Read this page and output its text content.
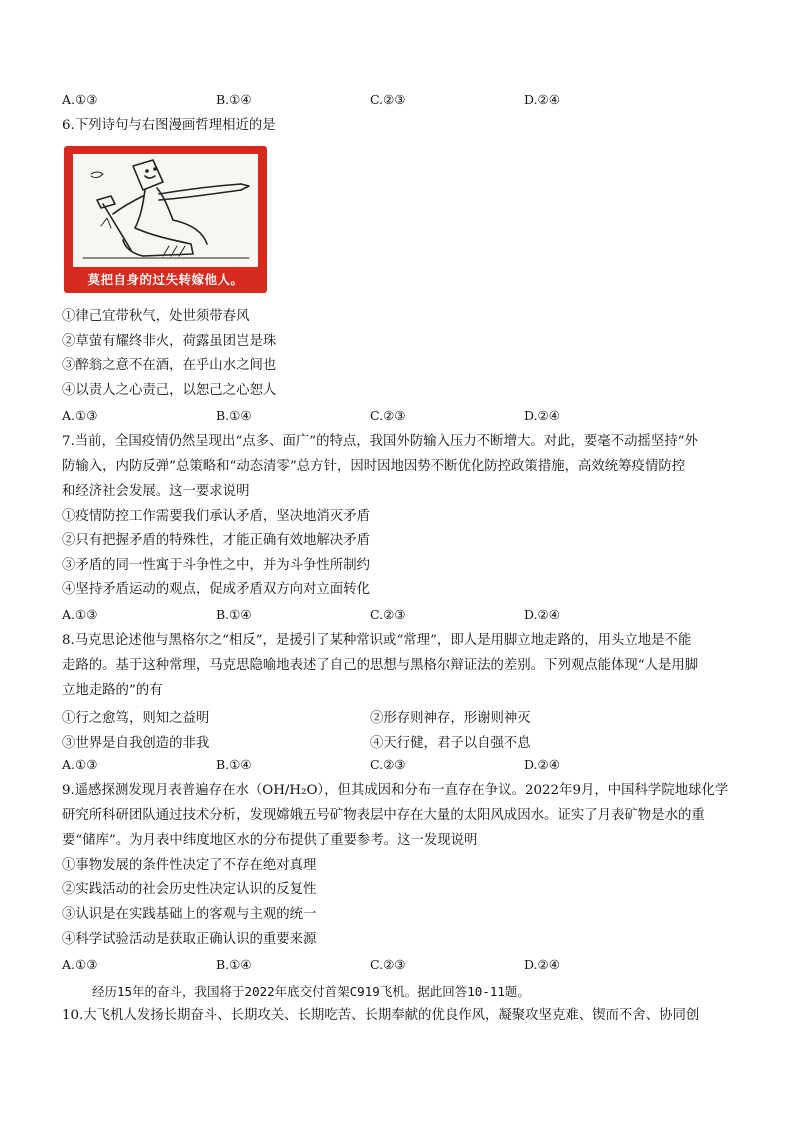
A.①③	B.①④	C.②③	D.②④
6.下列诗句与右图漫画哲理相近的是
莫把自身的过失转嫁他人。
①律己宜带秋气，处世须带春风
②草萤有耀终非火，荷露虽团岂是珠
③醉翁之意不在酒，在乎山水之间也
④以责人之心责己，以恕己之心恕人
A.①③	B.①④	C.②③	D.②④
7.当前，全国疫情仍然呈现出“点多、面广”的特点，我国外防输入压力不断增大。对此，要毫不动摇坚持“外
防输入，内防反弹”总策略和“动态清零”总方针，因时因地因势不断优化防控政策措施，高效统筹疫情防控
和经济社会发展。这一要求说明
①疫情防控工作需要我们承认矛盾，坚决地消灭矛盾
②只有把握矛盾的特殊性，才能正确有效地解决矛盾
③矛盾的同一性寓于斗争性之中，并为斗争性所制约
④坚持矛盾运动的观点，促成矛盾双方向对立面转化
A.①③	B.①④	C.②③	D.②④
8.马克思论述他与黑格尔之“相反”，是援引了某种常识或“常理”，即人是用脚立地走路的，用头立地是不能
走路的。基于这种常理，马克思隐喻地表述了自己的思想与黑格尔辩证法的差别。下列观点能体现“人是用脚
立地走路的”的有
①行之愈笃，则知之益明	②形存则神存，形谢则神灭
③世界是自我创造的非我	④天行健，君子以自强不息
A.①③	B.①④	C.②③	D.②④
9.遥感探测发现月表普遍存在水（OH/H₂O），但其成因和分布一直存在争议。2022年9月，中国科学院地球化学
研究所科研团队通过技术分析，发现嫦娥五号矿物表层中存在大量的太阳风成因水。证实了月表矿物是水的重
要“储库”。为月表中纬度地区水的分布提供了重要参考。这一发现说明
①事物发展的条件性决定了不存在绝对真理
②实践活动的社会历史性决定认识的反复性
③认识是在实践基础上的客观与主观的统一
④科学试验活动是获取正确认识的重要来源
A.①③	B.①④	C.②③	D.②④
经历15年的奋斗，我国将于2022年底交付首架C919飞机。据此回答10-11题。
10.大飞机人发扬长期奋斗、长期攻关、长期吃苦、长期奉献的优良作风，凝聚攻坚克难、锲而不舍、协同创
